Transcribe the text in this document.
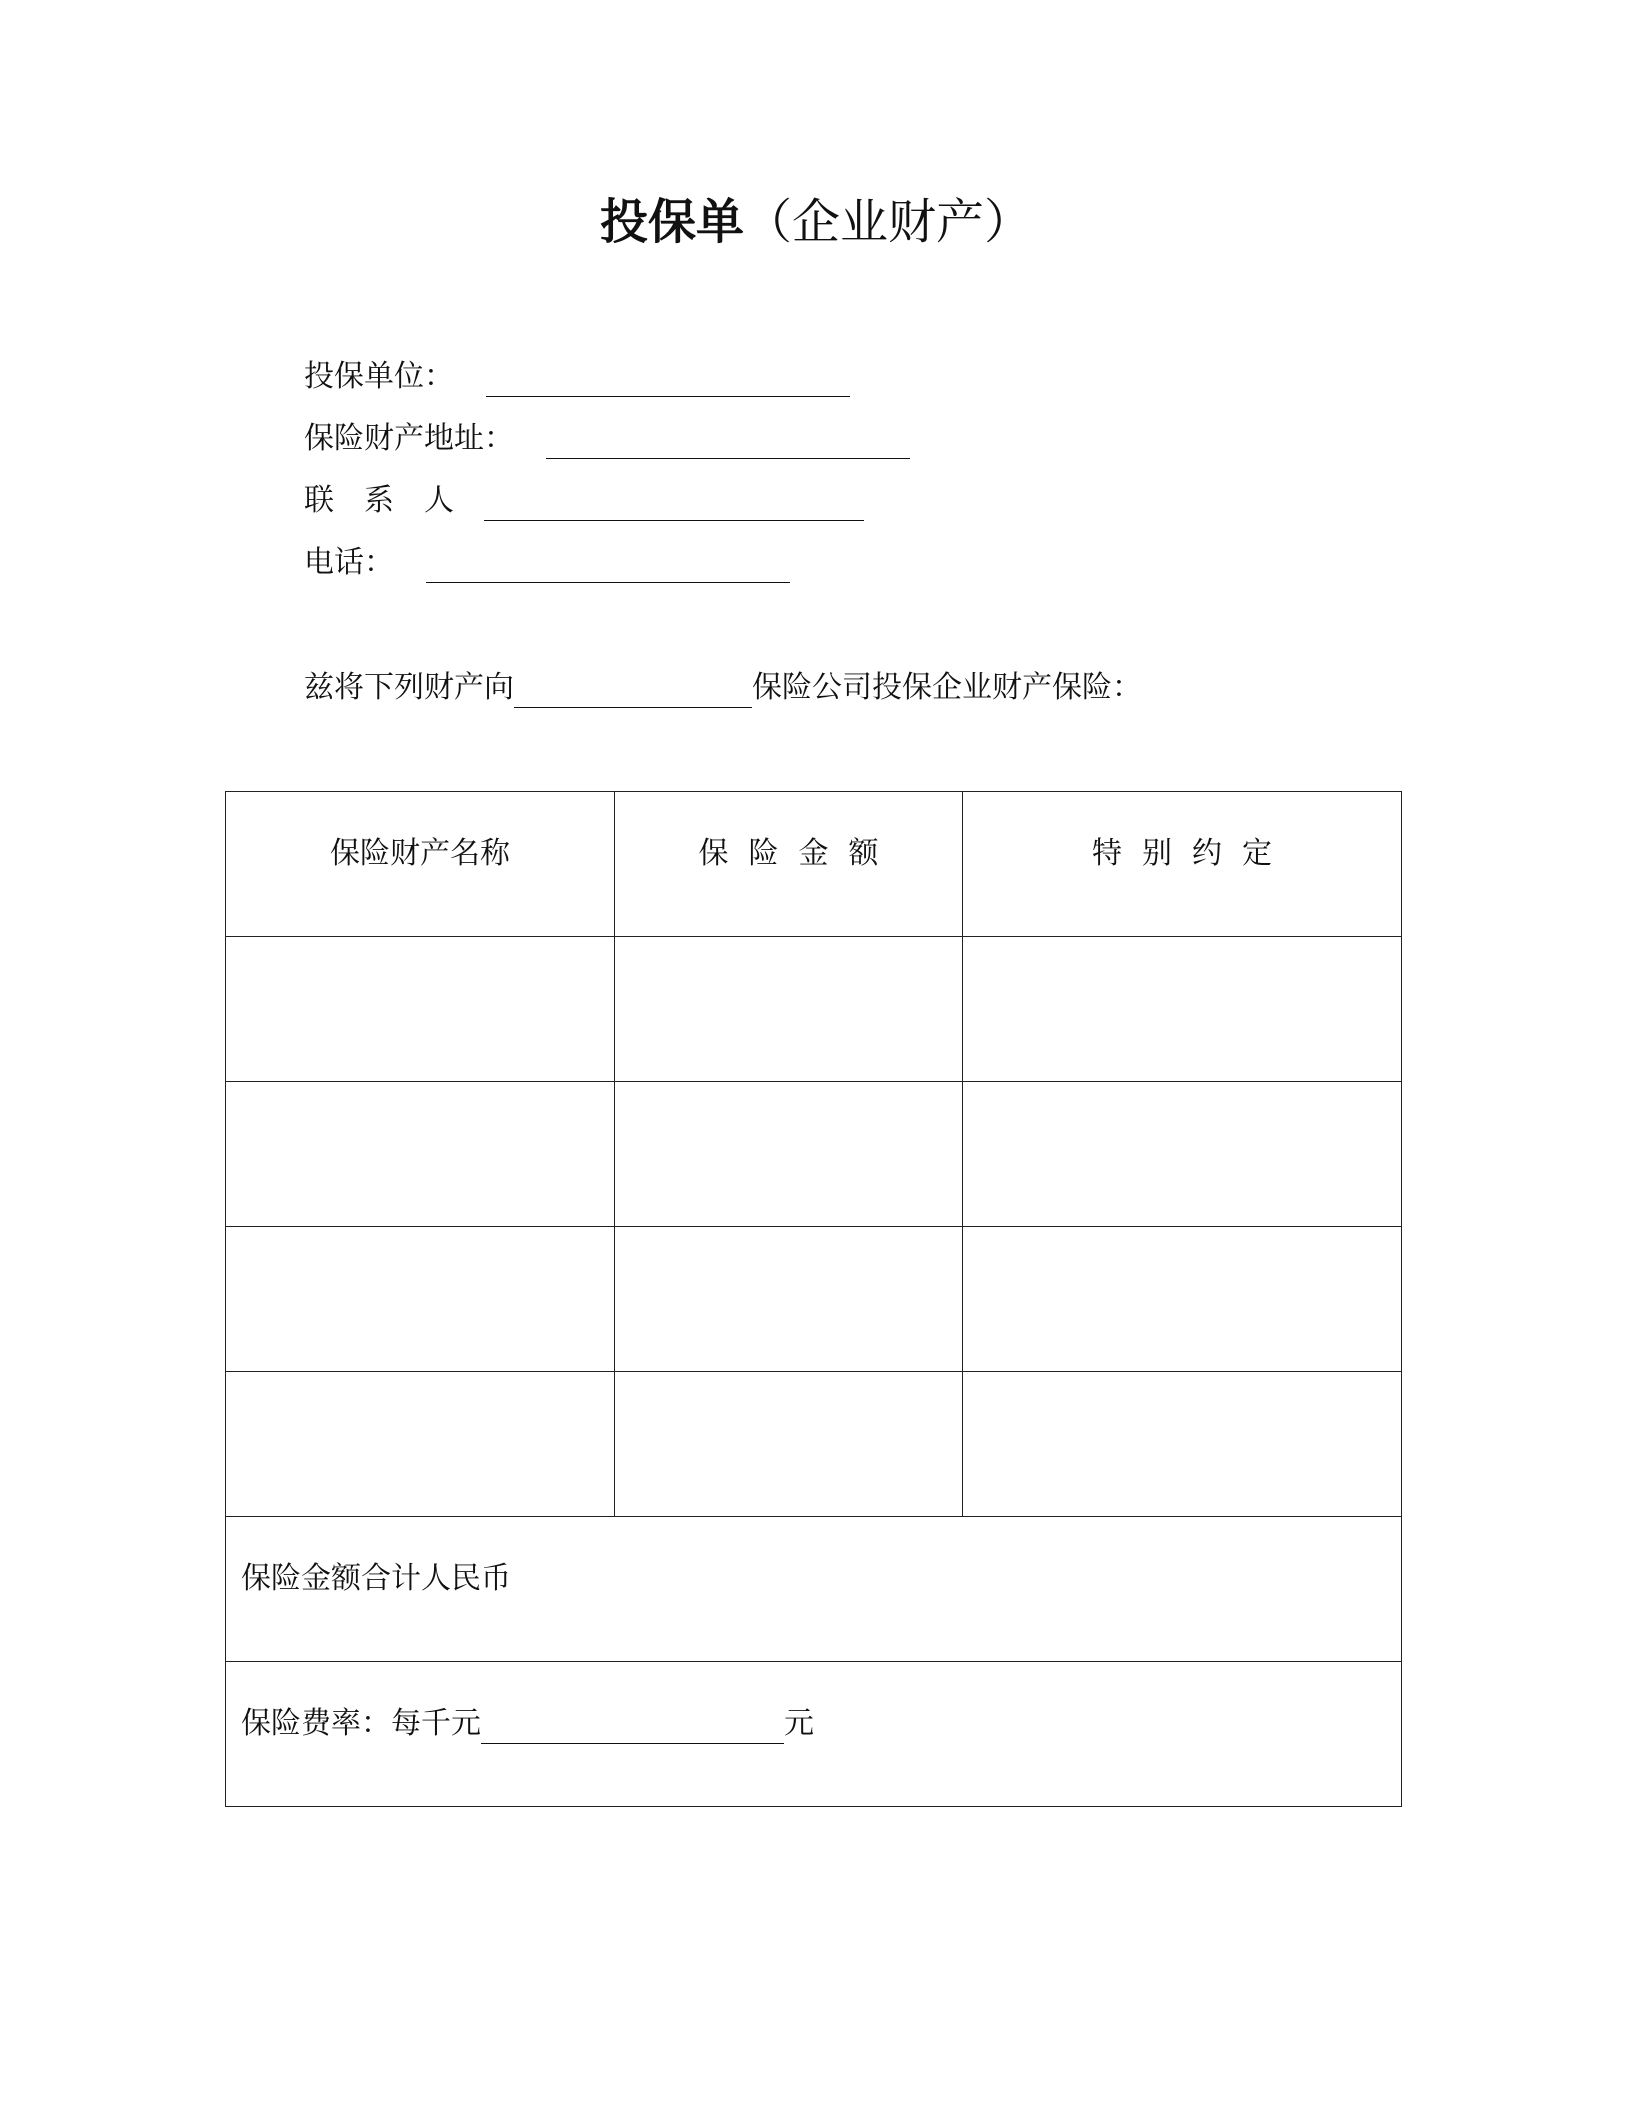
投保单（企业财产）
投保单位：
保险财产地址：
联　系　人
电话：
兹将下列财产向	保险公司投保企业财产保险：
保险财产名称	保险金额	特别约定

保险金额合计人民币		
保险费率：每千元 元		
